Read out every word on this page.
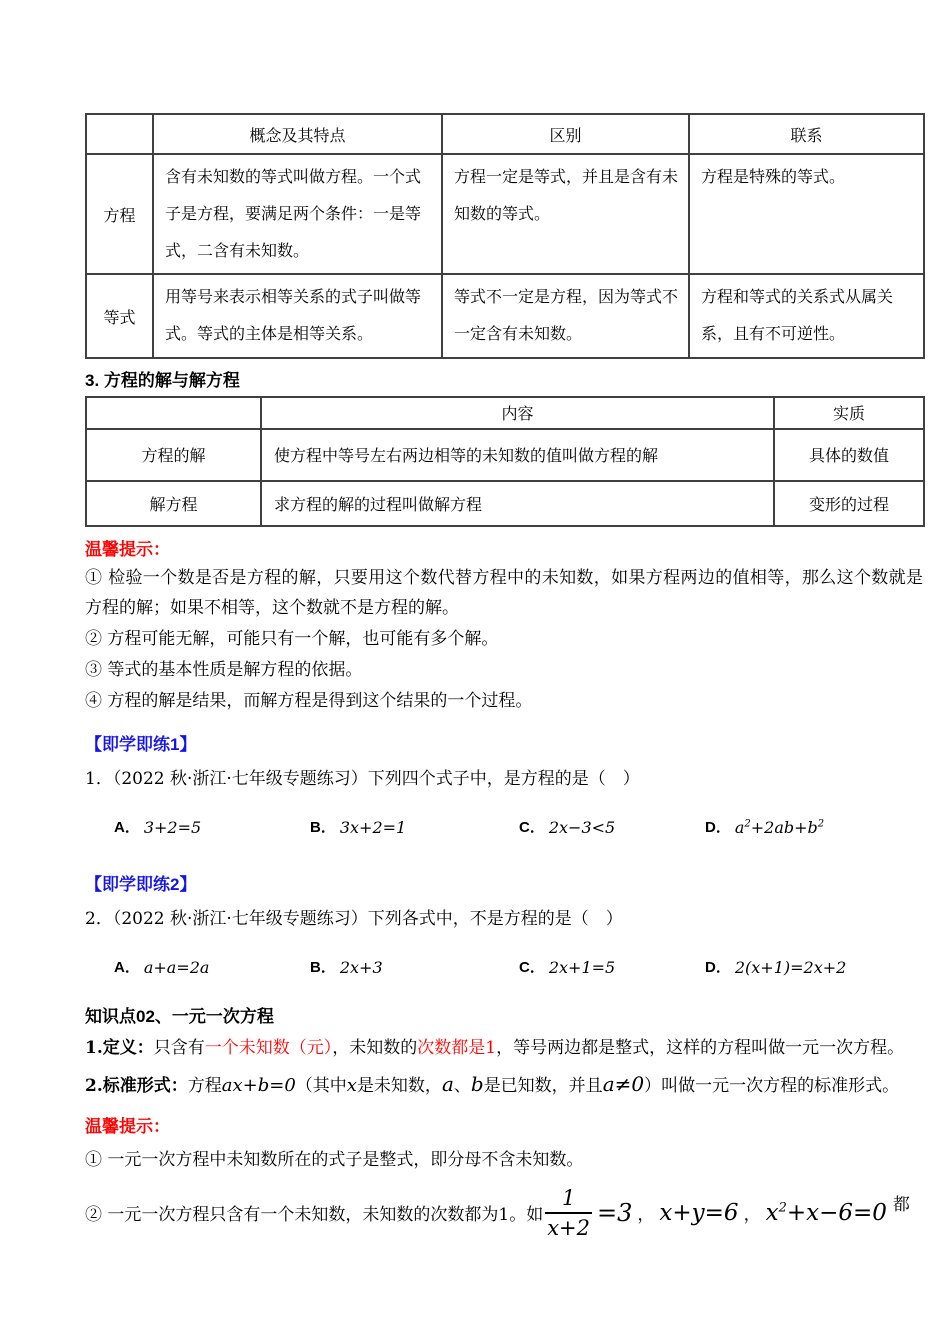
	概念及其特点	区别	联系
方程	含有未知数的等式叫做方程。一个式子是方程，要满足两个条件：一是等式，二含有未知数。	方程一定是等式，并且是含有未知数的等式。	方程是特殊的等式。
等式	用等号来表示相等关系的式子叫做等式。等式的主体是相等关系。	等式不一定是方程，因为等式不一定含有未知数。	方程和等式的关系式从属关系，且有不可逆性。
3. 方程的解与解方程
	内容	实质
方程的解	使方程中等号左右两边相等的未知数的值叫做方程的解	具体的数值
解方程	求方程的解的过程叫做解方程	变形的过程
温馨提示：

① 检验一个数是否是方程的解，只要用这个数代替方程中的未知数，如果方程两边的值相等，那么这个数就是方程的解；如果不相等，这个数就不是方程的解。

② 方程可能无解，可能只有一个解，也可能有多个解。

③ 等式的基本性质是解方程的依据。

④ 方程的解是结果，而解方程是得到这个结果的一个过程。

【即学即练1】

1．（2022 秋·浙江·七年级专题练习）下列四个式子中，是方程的是（　）

A． 3+2=5	B． 3x+2=1	C． 2x−3<5	D． $a^2+2ab+b^2$
【即学即练2】

2．（2022 秋·浙江·七年级专题练习）下列各式中，不是方程的是（　）

A． a+a=2a	B． 2x+3	C． 2x+1=5	D． 2(x+1)=2x+2
知识点02、一元一次方程

1.定义：只含有一个未知数（元），未知数的次数都是1，等号两边都是整式，这样的方程叫做一元一次方程。

2.标准形式：方程ax+b=0（其中x是未知数，a、b是已知数，并且a≠0）叫做一元一次方程的标准形式。

温馨提示：

① 一元一次方程中未知数所在的式子是整式，即分母不含未知数。

② 一元一次方程只含有一个未知数，未知数的次数都为1。如 $\frac{1}{x+2} =3$ ， x+y=6 ， $x^2+x-6=0$ 都
